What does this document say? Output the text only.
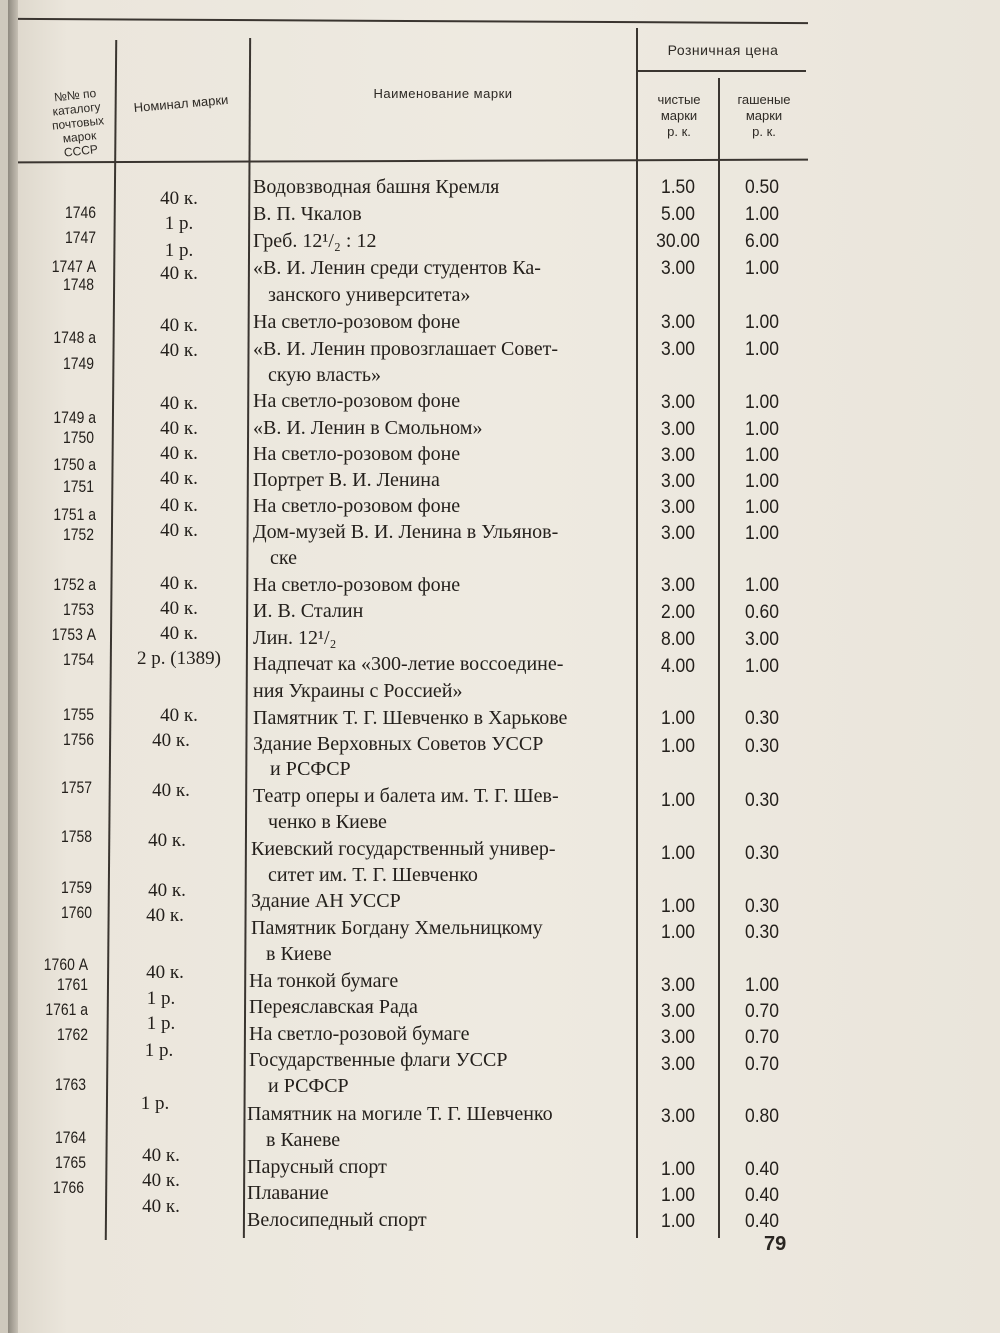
№№ по
каталогу
почтовых
марок
СССР
Номинал марки	Наименование марки
Розничная цена
чистые
марки
р. к.
гашеные
марки
р. к.
1746
1747
1747 А
1748
1748 а
1749
1749 а
1750
1750 а
1751
1751 а
1752
1752 а
1753
1753 А
1754
1755
1756
1757
1758
1759
1760
1760 А
1761
1761 а
1762
1763
1764
1765
1766
40 к.
1 р.
1 р.
40 к.
40 к.
40 к.
40 к.
40 к.
40 к.
40 к.
40 к.
40 к.
40 к.
40 к.
40 к.
2 р. (1389)
40 к.
40 к.
40 к.
40 к.
40 к.
40 к.
40 к.
1 р.
1 р.
1 р.
1 р.
40 к.
40 к.
40 к.
Водовзводная башня Кремля
В. П. Чкалов
Греб. 12¹/₂ : 12
«В. И. Ленин среди студентов Ка-
занского университета»
На светло-розовом фоне
«В. И. Ленин провозглашает Совет-
скую власть»
На светло-розовом фоне
«В. И. Ленин в Смольном»
На светло-розовом фоне
Портрет В. И. Ленина
На светло-розовом фоне
Дом-музей В. И. Ленина в Ульянов-
ске
На светло-розовом фоне
И. В. Сталин
Лин. 12¹/₂
Надпечат ка «300-летие воссоедине-
ния Украины с Россией»
Памятник Т. Г. Шевченко в Харькове
Здание Верховных Советов УССР
и РСФСР
Театр оперы и балета им. Т. Г. Шев-
ченко в Киеве
Киевский государственный универ-
ситет им. Т. Г. Шевченко
Здание АН УССР
Памятник Богдану Хмельницкому
в Киеве
На тонкой бумаге
Переяславская Рада
На светло-розовой бумаге
Государственные флаги УССР
и РСФСР
Памятник на могиле Т. Г. Шевченко
в Каневе
Парусный спорт
Плавание
Велосипедный спорт
1.50
5.00
30.00
3.00
3.00
3.00
3.00
3.00
3.00
3.00
3.00
3.00
3.00
2.00
8.00
4.00
1.00
1.00
1.00
1.00
1.00
1.00
3.00
3.00
3.00
3.00
3.00
1.00
1.00
1.00
0.50
1.00
6.00
1.00
1.00
1.00
1.00
1.00
1.00
1.00
1.00
1.00
1.00
0.60
3.00
1.00
0.30
0.30
0.30
0.30
0.30
0.30
1.00
0.70
0.70
0.70
0.80
0.40
0.40
0.40
79
